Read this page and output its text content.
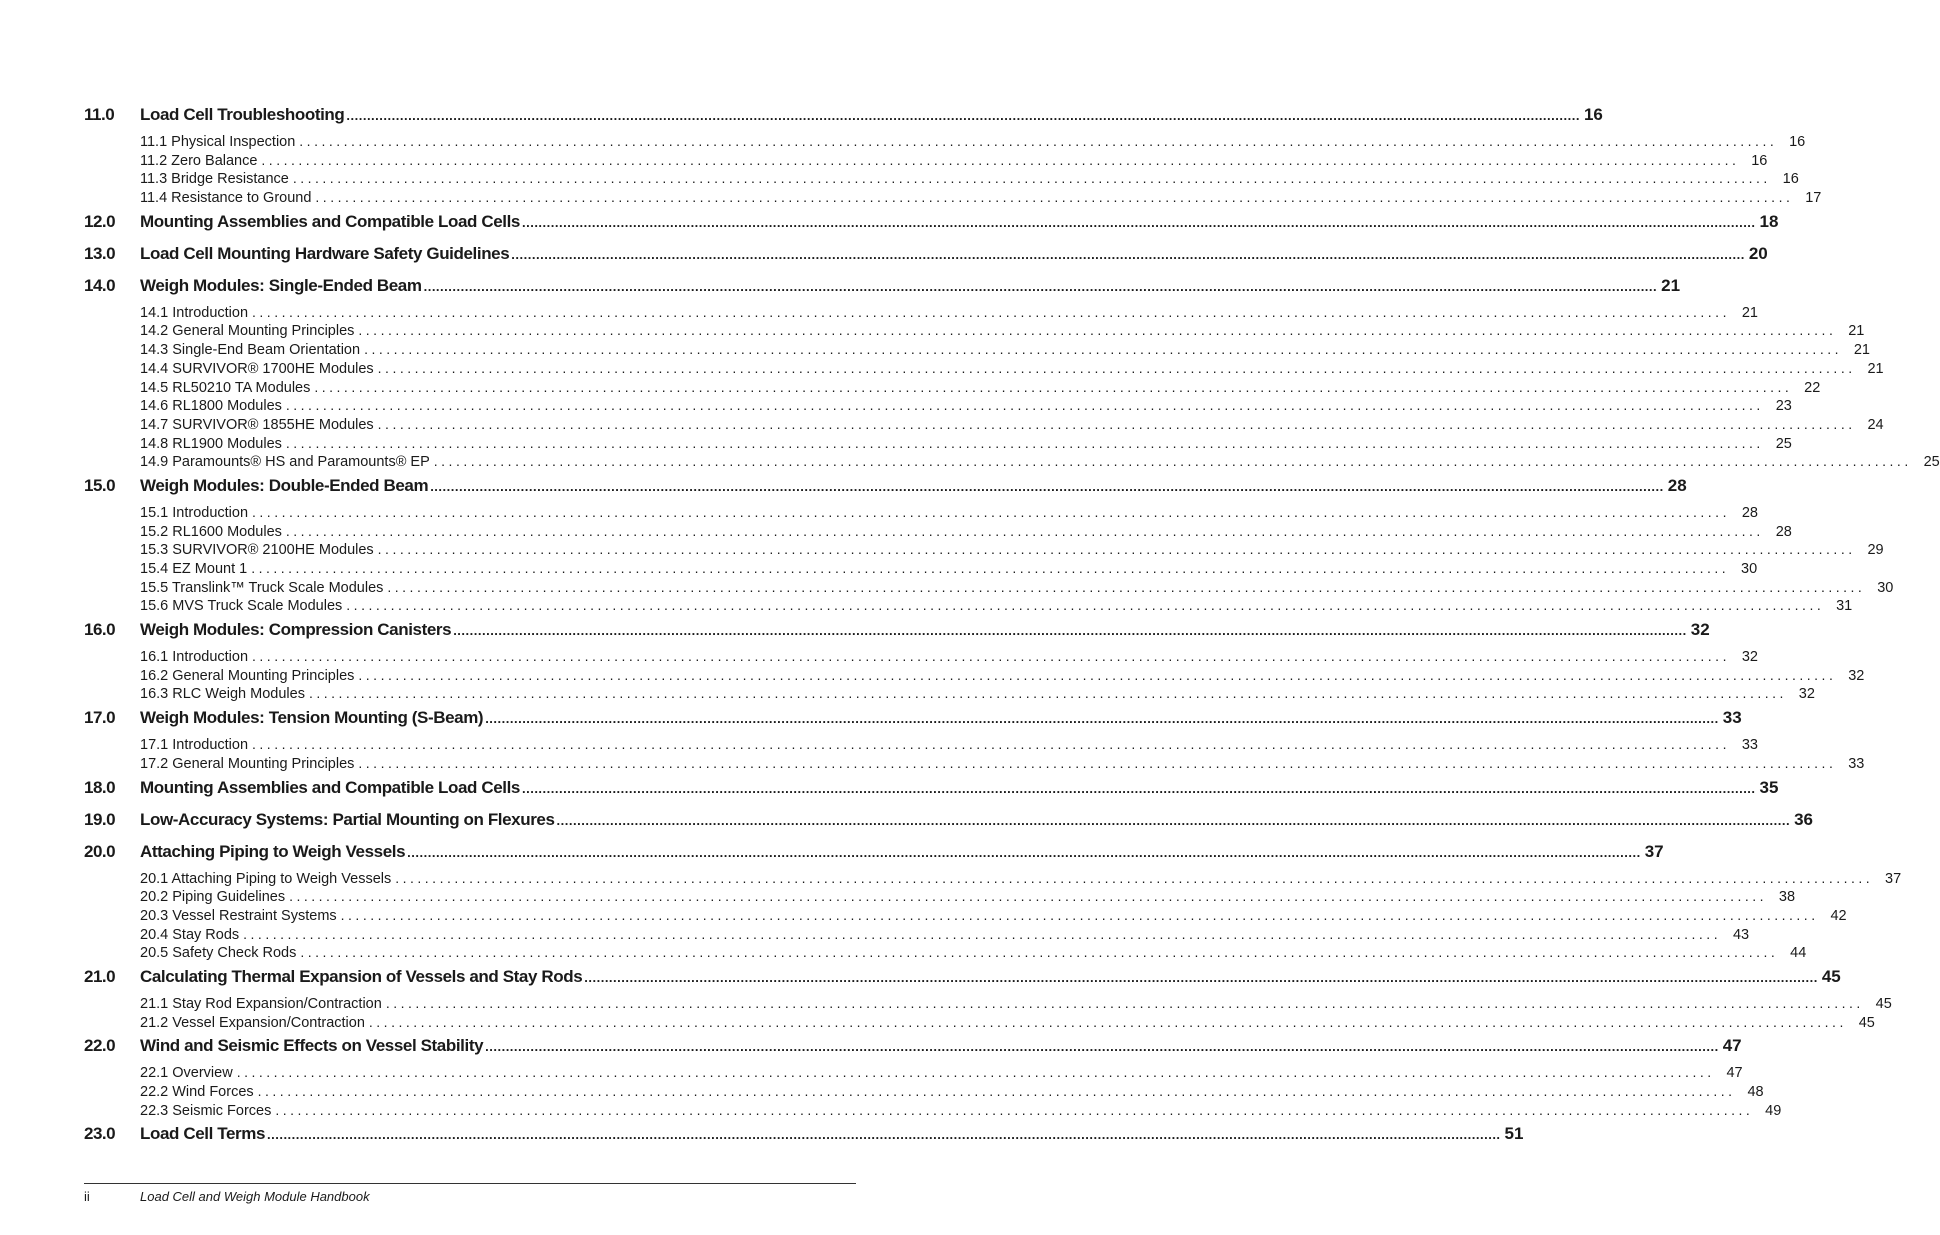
11.0	Load Cell Troubleshooting ............................................................................................................................................................................................................................................................................................................ 16
11.1 Physical Inspection ........................................................................................................................................................................................................ 16
11.2 Zero Balance ........................................................................................................................................................................................................ 16
11.3 Bridge Resistance ........................................................................................................................................................................................................ 16
11.4 Resistance to Ground ........................................................................................................................................................................................................ 17
12.0	Mounting Assemblies and Compatible Load Cells ............................................................................................................................................................................................................................................................................................................ 18
13.0	Load Cell Mounting Hardware Safety Guidelines ............................................................................................................................................................................................................................................................................................................ 20
14.0	Weigh Modules: Single-Ended Beam ............................................................................................................................................................................................................................................................................................................ 21
14.1 Introduction ........................................................................................................................................................................................................ 21
14.2 General Mounting Principles ........................................................................................................................................................................................................ 21
14.3 Single-End Beam Orientation ........................................................................................................................................................................................................ 21
14.4 SURVIVOR® 1700HE Modules ........................................................................................................................................................................................................ 21
14.5 RL50210 TA Modules ........................................................................................................................................................................................................ 22
14.6 RL1800 Modules ........................................................................................................................................................................................................ 23
14.7 SURVIVOR® 1855HE Modules ........................................................................................................................................................................................................ 24
14.8 RL1900 Modules ........................................................................................................................................................................................................ 25
14.9 Paramounts® HS and Paramounts® EP ........................................................................................................................................................................................................ 25
15.0	Weigh Modules: Double-Ended Beam ............................................................................................................................................................................................................................................................................................................ 28
15.1 Introduction ........................................................................................................................................................................................................ 28
15.2 RL1600 Modules ........................................................................................................................................................................................................ 28
15.3 SURVIVOR® 2100HE Modules ........................................................................................................................................................................................................ 29
15.4 EZ Mount 1 ........................................................................................................................................................................................................ 30
15.5 Translink™ Truck Scale Modules ........................................................................................................................................................................................................ 30
15.6 MVS Truck Scale Modules ........................................................................................................................................................................................................ 31
16.0	Weigh Modules: Compression Canisters ............................................................................................................................................................................................................................................................................................................ 32
16.1 Introduction ........................................................................................................................................................................................................ 32
16.2 General Mounting Principles ........................................................................................................................................................................................................ 32
16.3 RLC Weigh Modules ........................................................................................................................................................................................................ 32
17.0	Weigh Modules: Tension Mounting (S-Beam) ............................................................................................................................................................................................................................................................................................................ 33
17.1 Introduction ........................................................................................................................................................................................................ 33
17.2 General Mounting Principles ........................................................................................................................................................................................................ 33
18.0	Mounting Assemblies and Compatible Load Cells ............................................................................................................................................................................................................................................................................................................ 35
19.0	Low-Accuracy Systems: Partial Mounting on Flexures ............................................................................................................................................................................................................................................................................................................ 36
20.0	Attaching Piping to Weigh Vessels ............................................................................................................................................................................................................................................................................................................ 37
20.1 Attaching Piping to Weigh Vessels ........................................................................................................................................................................................................ 37
20.2 Piping Guidelines ........................................................................................................................................................................................................ 38
20.3 Vessel Restraint Systems ........................................................................................................................................................................................................ 42
20.4 Stay Rods ........................................................................................................................................................................................................ 43
20.5 Safety Check Rods ........................................................................................................................................................................................................ 44
21.0	Calculating Thermal Expansion of Vessels and Stay Rods ............................................................................................................................................................................................................................................................................................................ 45
21.1 Stay Rod Expansion/Contraction ........................................................................................................................................................................................................ 45
21.2 Vessel Expansion/Contraction ........................................................................................................................................................................................................ 45
22.0	Wind and Seismic Effects on Vessel Stability ............................................................................................................................................................................................................................................................................................................ 47
22.1 Overview ........................................................................................................................................................................................................ 47
22.2 Wind Forces ........................................................................................................................................................................................................ 48
22.3 Seismic Forces ........................................................................................................................................................................................................ 49
23.0	Load Cell Terms ............................................................................................................................................................................................................................................................................................................ 51
ii	Load Cell and Weigh Module Handbook
